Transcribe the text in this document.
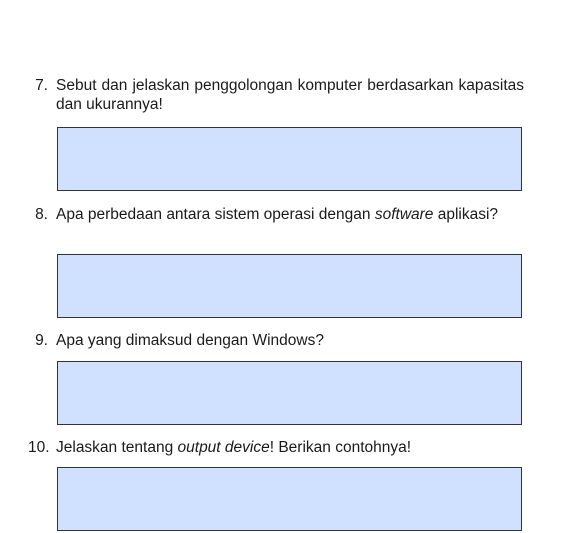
7. Sebut dan jelaskan penggolongan komputer berdasarkan kapasitas dan ukurannya!
8. Apa perbedaan antara sistem operasi dengan software aplikasi?
9. Apa yang dimaksud dengan Windows?
10. Jelaskan tentang output device! Berikan contohnya!
